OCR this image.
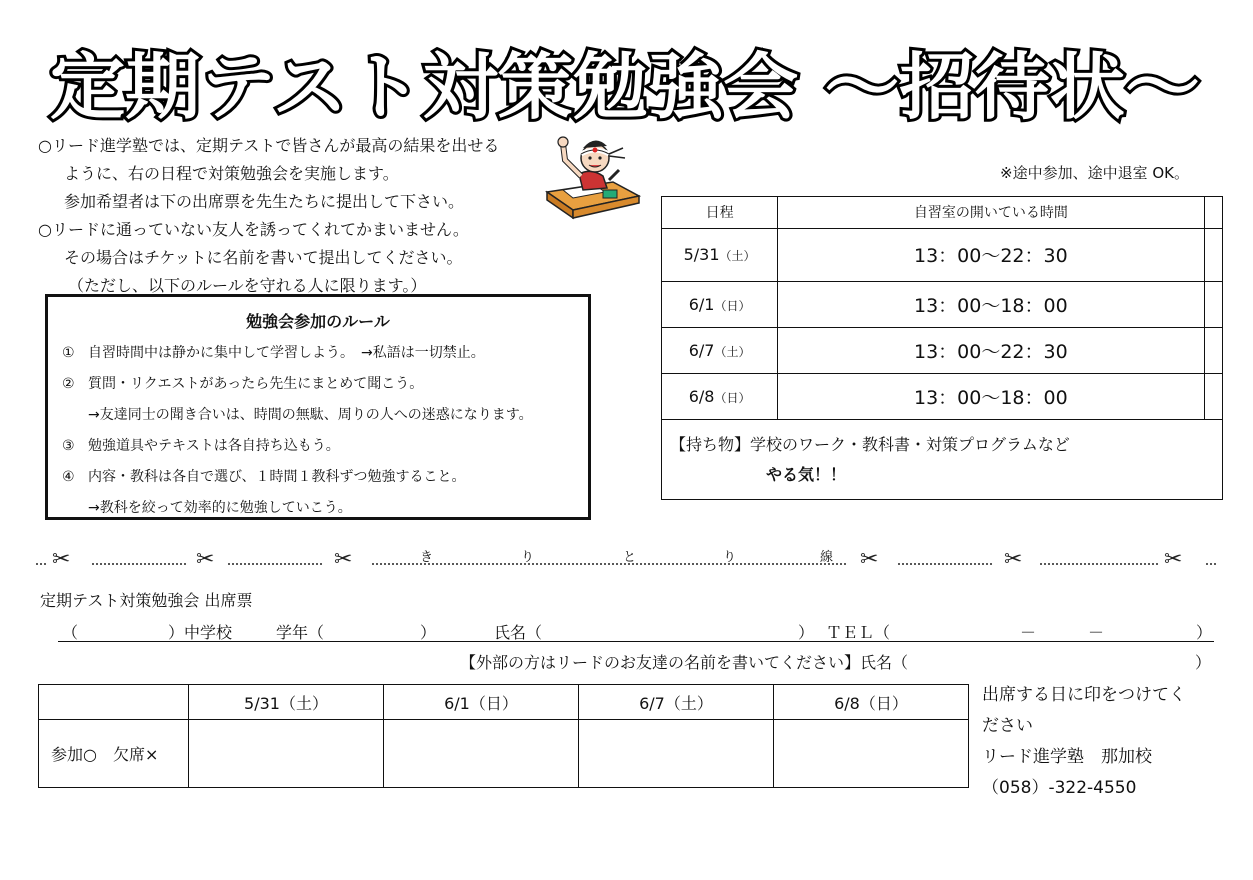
定期テスト対策勉強会 ～招待状～

○リード進学塾では、定期テストで皆さんが最高の結果を出せる

ように、右の日程で対策勉強会を実施します。

参加希望者は下の出席票を先生たちに提出して下さい。

○リードに通っていない友人を誘ってくれてかまいません。

その場合はチケットに名前を書いて提出してください。

（ただし、以下のルールを守れる人に限ります。）

※途中参加、途中退室 OK。
勉強会参加のルール
① 自習時間中は静かに集中して学習しよう。　→私語は一切禁止。
② 質問・リクエストがあったら先生にまとめて聞こう。
→友達同士の聞き合いは、時間の無駄、周りの人への迷惑になります。
③ 勉強道具やテキストは各自持ち込もう。
④ 内容・教科は各自で選び、１時間１教科ずつ勉強すること。
→教科を絞って効率的に勉強していこう。
日程	自習室の開いている時間	
5/31（土）	13：00～22：30	
6/1（日）	13：00～18：00	
6/7（土）	13：00～22：30	
6/8（日）	13：00～18：00	

【持ち物】学校のワーク・教科書・対策プログラムなど

やる気！！

✂	✂	✂	✂	✂	✂
き	り	と	り	線
定期テスト対策勉強会 出席票
（	）中学校	学年（	）	氏名（	） ＴＥＬ（	－	－	）
【外部の方はリードのお友達の名前を書いてください】氏名（	）
	5/31（土）	6/1（日）	6/7（土）	6/8（日）
参加○　欠席×				

出席する日に印をつけてく

ださい

リード進学塾　那加校

（058）-322-4550
